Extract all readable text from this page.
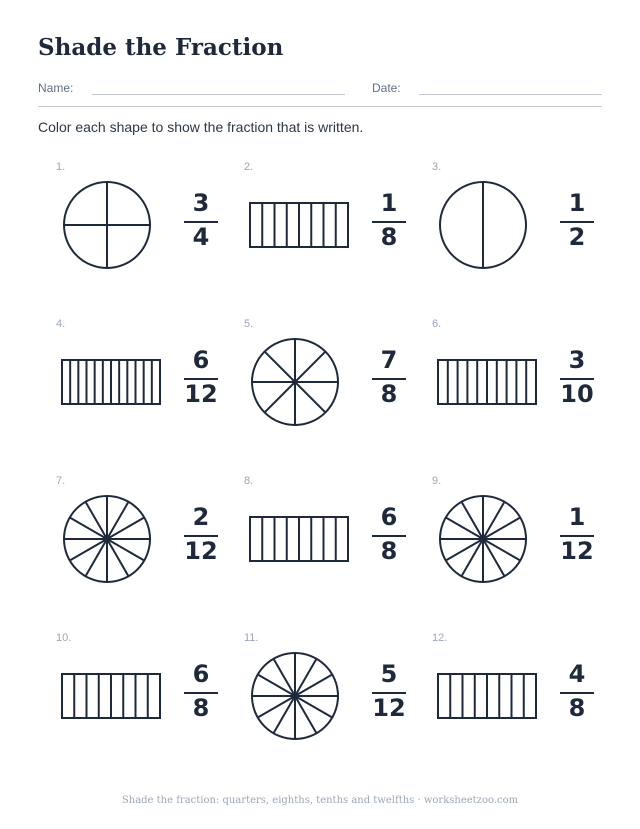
Shade the Fraction
Name:	Date:
Color each shape to show the fraction that is written.
1.
3
4
2.
1
8
3.
1
2
4.
6
12
5.
7
8
6.
3
10
7.
2
12
8.
6
8
9.
1
12
10.
6
8
11.
5
12
12.
4
8
Shade the fraction: quarters, eighths, tenths and twelfths · worksheetzoo.com
